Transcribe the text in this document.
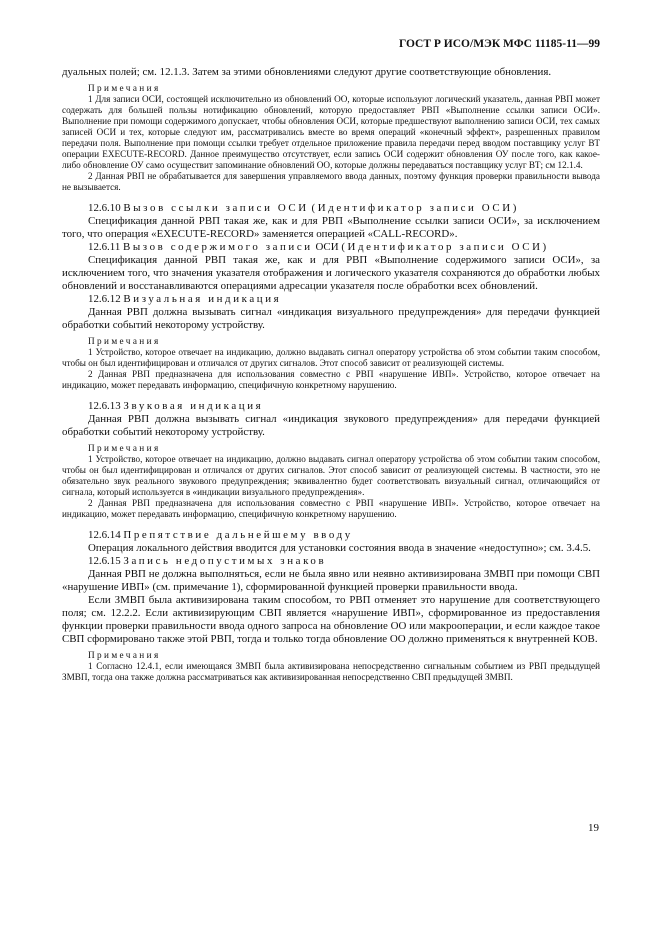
ГОСТ Р ИСО/МЭК МФС 11185-11—99

дуальных полей; см. 12.1.3. Затем за этими обновлениями следуют другие соответствующие обновления.

Примечания

1 Для записи ОСИ, состоящей исключительно из обновлений ОО, которые используют логический указатель, данная РВП может содержать для большей пользы нотификацию обновлений, которую предоставляет РВП «Выполнение ссылки записи ОСИ». Выполнение при помощи содержимого допускает, чтобы обновления ОСИ, которые предшествуют выполнению записи ОСИ, тех самых записей ОСИ и тех, которые следуют им, рассматривались вместе во время операций «конечный эффект», разрешенных правилом передачи поля. Выполнение при помощи ссылки требует отдельное приложение правила передачи перед вводом поставщику услуг ВТ операции EXECUTE-RECORD. Данное преимущество отсутствует, если запись ОСИ содержит обновления ОУ после того, как какое-либо обновление ОУ само осуществит запоминание обновлений ОО, которые должны передаваться поставщику услуг ВТ; см 12.1.4.

2 Данная РВП не обрабатывается для завершения управляемого ввода данных, поэтому функция проверки правильности вывода не вызывается.

12.6.10 Вызов ссылки записи ОСИ (Идентификатор записи ОСИ)

Спецификация данной РВП такая же, как и для РВП «Выполнение ссылки записи ОСИ», за исключением того, что операция «EXECUTE-RECORD» заменяется операцией «CALL-RECORD».

12.6.11 Вызов содержимого записи ОСИ (Идентификатор записи ОСИ)

Спецификация данной РВП такая же, как и для РВП «Выполнение содержимого записи ОСИ», за исключением того, что значения указателя отображения и логического указателя сохраняются до обработки любых обновлений и восстанавливаются операциями адресации указателя после обработки всех обновлений.

12.6.12 Визуальная индикация

Данная РВП должна вызывать сигнал «индикация визуального предупреждения» для передачи функцией обработки событий некоторому устройству.

Примечания

1 Устройство, которое отвечает на индикацию, должно выдавать сигнал оператору устройства об этом событии таким способом, чтобы он был идентифицирован и отличался от других сигналов. Этот способ зависит от реализующей системы.

2 Данная РВП предназначена для использования совместно с РВП «нарушение ИВП». Устройство, которое отвечает на индикацию, может передавать информацию, специфичную конкретному нарушению.

12.6.13 Звуковая индикация

Данная РВП должна вызывать сигнал «индикация звукового предупреждения» для передачи функцией обработки событий некоторому устройству.

Примечания

1 Устройство, которое отвечает на индикацию, должно выдавать сигнал оператору устройства об этом событии таким способом, чтобы он был идентифицирован и отличался от других сигналов. Этот способ зависит от реализующей системы. В частности, это не обязательно звук реального звукового предупреждения; эквивалентно будет соответствовать визуальный сигнал, отличающийся от сигнала, который используется в «индикации визуального предупреждения».

2 Данная РВП предназначена для использования совместно с РВП «нарушение ИВП». Устройство, которое отвечает на индикацию, может передавать информацию, специфичную конкретному нарушению.

12.6.14 Препятствие дальнейшему вводу

Операция локального действия вводится для установки состояния ввода в значение «недоступно»; см. 3.4.5.

12.6.15 Запись недопустимых знаков

Данная РВП не должна выполняться, если не была явно или неявно активизирована ЗМВП при помощи СВП «нарушение ИВП» (см. примечание 1), сформированной функцией проверки правильности ввода.

Если ЗМВП была активизирована таким способом, то РВП отменяет это нарушение для соответствующего поля; см. 12.2.2. Если активизирующим СВП является «нарушение ИВП», сформированное из предоставления функции проверки правильности ввода одного запроса на обновление ОО или макрооперации, и если каждое такое СВП сформировано также этой РВП, тогда и только тогда обновление ОО должно применяться к внутренней КОВ.

Примечания

1 Согласно 12.4.1, если имеющаяся ЗМВП была активизирована непосредственно сигнальным событием из РВП предыдущей ЗМВП, тогда она также должна рассматриваться как активизированная непосредственно СВП предыдущей ЗМВП.

19
